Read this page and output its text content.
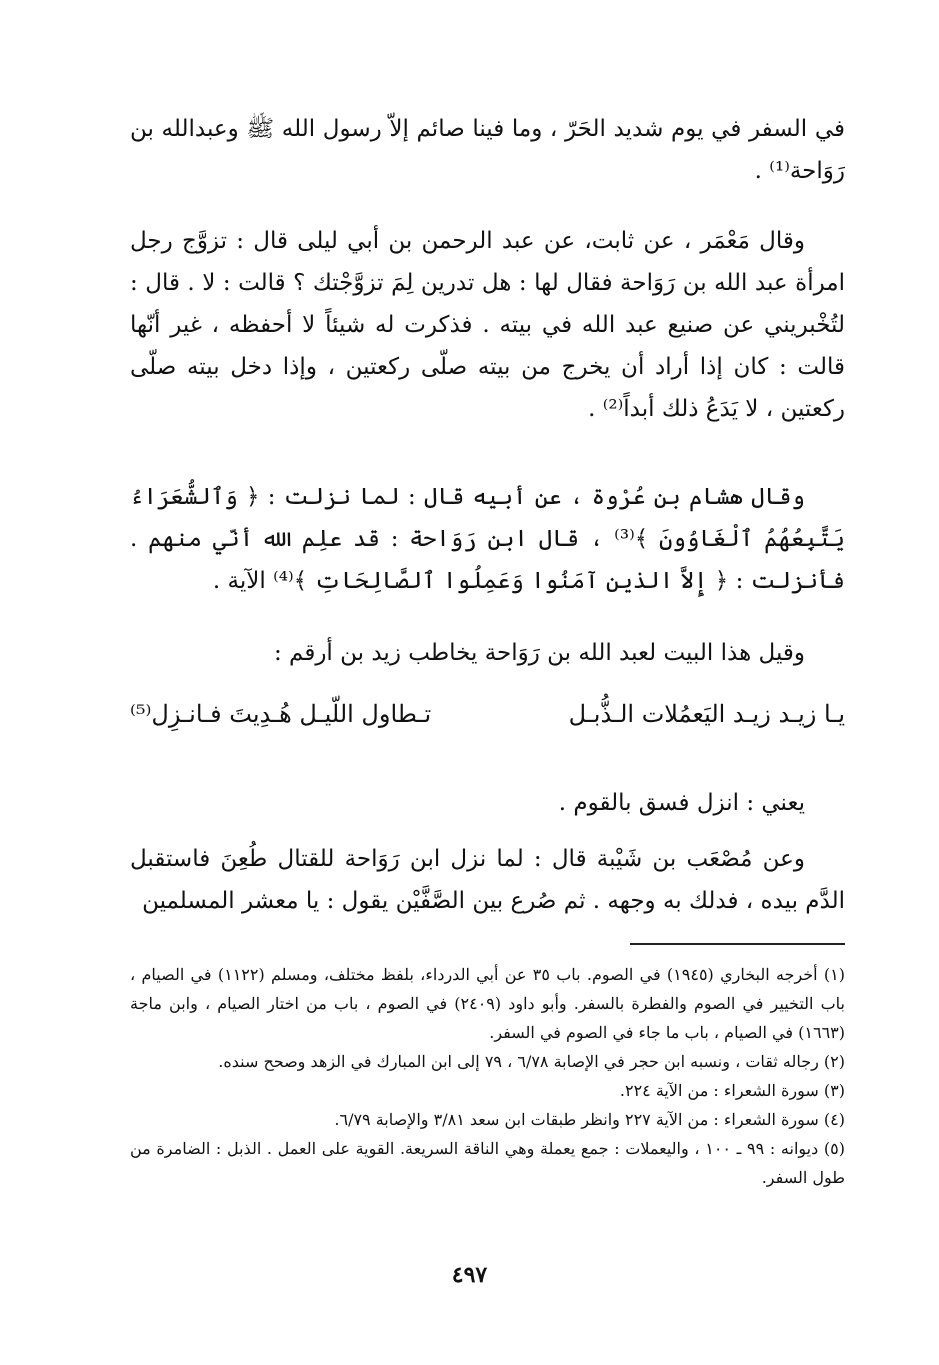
في السفر في يوم شديد الحَرّ ، وما فينا صائم إلاّ رسول الله ﷺ وعبدالله بن رَوَاحة⁽¹⁾ .

وقال مَعْمَر ، عن ثابت، عن عبد الرحمن بن أبي ليلى قال : تزوَّج رجل امرأة عبد الله بن رَوَاحة فقال لها : هل تدرين لِمَ تزوَّجْتك ؟ قالت : لا . قال : لتُخْبريني عن صنيع عبد الله في بيته . فذكرت له شيئاً لا أحفظه ، غير أنّها قالت : كان إذا أراد أن يخرج من بيته صلّى ركعتين ، وإذا دخل بيته صلّى ركعتين ، لا يَدَعُ ذلك أبداً⁽²⁾ .

وقال هشام بن عُرْوة ، عن أبيه قال : لما نزلت : ﴿ وَٱلشُّعَرَاءُ يَتَّبِعُهُمُ ٱلْغَاوُونَ ﴾⁽³⁾ ، قال ابن رَوَاحة : قد علِم الله أنّي منهم . فأنزلت : ﴿ إِلاَّ الذين آمَنُوا وَعَمِلُوا ٱلصَّالِحَاتِ ﴾⁽⁴⁾ الآية .

وقيل هذا البيت لعبد الله بن رَوَاحة يخاطب زيد بن أرقم :

يـا زيـد زيـد اليَعمُلات الـذُّبـل
تـطاول اللّيـل هُـدِيتَ فـانـزِل⁽⁵⁾

يعني : انزل فسق بالقوم .

وعن مُصْعَب بن شَيْبة قال : لما نزل ابن رَوَاحة للقتال طُعِنَ فاستقبل الدَّم بيده ، فدلك به وجهه . ثم صُرع بين الصَّفَّيْن يقول : يا معشر المسلمين

(١) أخرجه البخاري (١٩٤٥) في الصوم. باب ٣٥ عن أبي الدرداء، بلفظ مختلف، ومسلم (١١٢٢) في الصيام ، باب التخيير في الصوم والفطرة بالسفر. وأبو داود (٢٤٠٩) في الصوم ، باب من اختار الصيام ، وابن ماجة (١٦٦٣) في الصيام ، باب ما جاء في الصوم في السفر.

(٢) رجاله ثقات ، ونسبه ابن حجر في الإصابة ٦/٧٨ ، ٧٩ إلى ابن المبارك في الزهد وصحح سنده.

(٣) سورة الشعراء : من الآية ٢٢٤.

(٤) سورة الشعراء : من الآية ٢٢٧ وانظر طبقات ابن سعد ٣/٨١ والإصابة ٦/٧٩.

(٥) ديوانه : ٩٩ ـ ١٠٠ ، واليعملات : جمع يعملة وهي الناقة السريعة. القوية على العمل . الذبل : الضامرة من طول السفر.

٤٩٧
